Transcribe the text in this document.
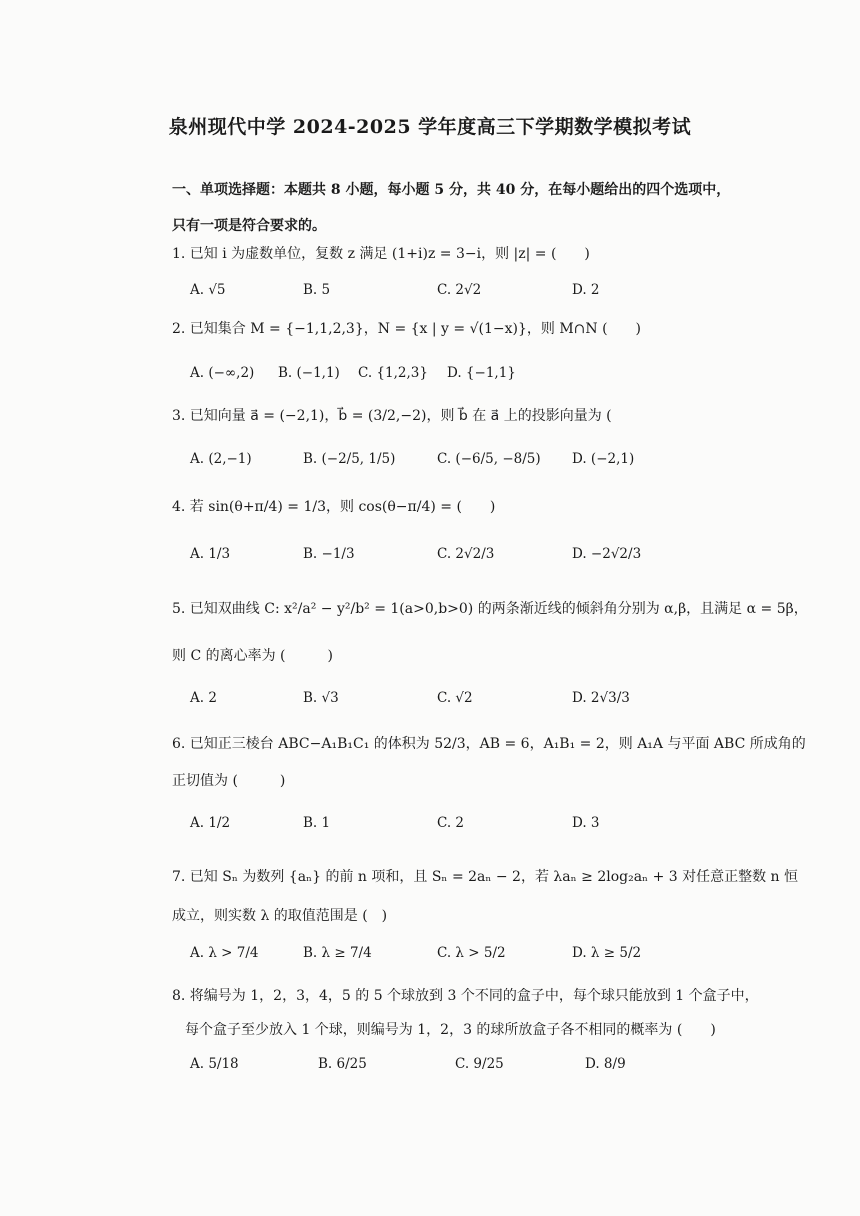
泉州现代中学 2024-2025 学年度高三下学期数学模拟考试
一、单项选择题：本题共 8 小题，每小题 5 分，共 40 分，在每小题给出的四个选项中，只有一项是符合要求的。
1. 已知 i 为虚数单位，复数 z 满足 (1+i)z = 3−i，则 |z| = (　　)
A. √5	B. 5	C. 2√2	D. 2
2. 已知集合 M = {−1,1,2,3}，N = {x | y = √(1−x)}，则 M∩N (　　)
A. (−∞,2) B. (−1,1) C. {1,2,3} D. {−1,1}
3. 已知向量 a⃗ = (−2,1)，b⃗ = (3/2,−2)，则 b⃗ 在 a⃗ 上的投影向量为 (
A. (2,−1)	B. (−2/5, 1/5)	C. (−6/5, −8/5) D. (−2,1)
4. 若 sin(θ+π/4) = 1/3，则 cos(θ−π/4) = (　　)
A. 1/3	B. −1/3	C. 2√2/3	D. −2√2/3
5. 已知双曲线 C: x²/a² − y²/b² = 1(a>0,b>0) 的两条渐近线的倾斜角分别为 α,β，且满足 α = 5β，
则 C 的离心率为 (　　　)
A. 2	B. √3	C. √2	D. 2√3/3
6. 已知正三棱台 ABC−A₁B₁C₁ 的体积为 52/3，AB = 6，A₁B₁ = 2，则 A₁A 与平面 ABC 所成角的
正切值为 (　　　)
A. 1/2	B. 1	C. 2	D. 3
7. 已知 Sₙ 为数列 {aₙ} 的前 n 项和，且 Sₙ = 2aₙ − 2，若 λaₙ ≥ 2log₂aₙ + 3 对任意正整数 n 恒
成立，则实数 λ 的取值范围是 (　)
A. λ > 7/4	B. λ ≥ 7/4	C. λ > 5/2	D. λ ≥ 5/2
8. 将编号为 1，2，3，4，5 的 5 个球放到 3 个不同的盒子中，每个球只能放到 1 个盒子中，
每个盒子至少放入 1 个球，则编号为 1，2，3 的球所放盒子各不相同的概率为 (　　)
A. 5/18	B. 6/25	C. 9/25	D. 8/9
